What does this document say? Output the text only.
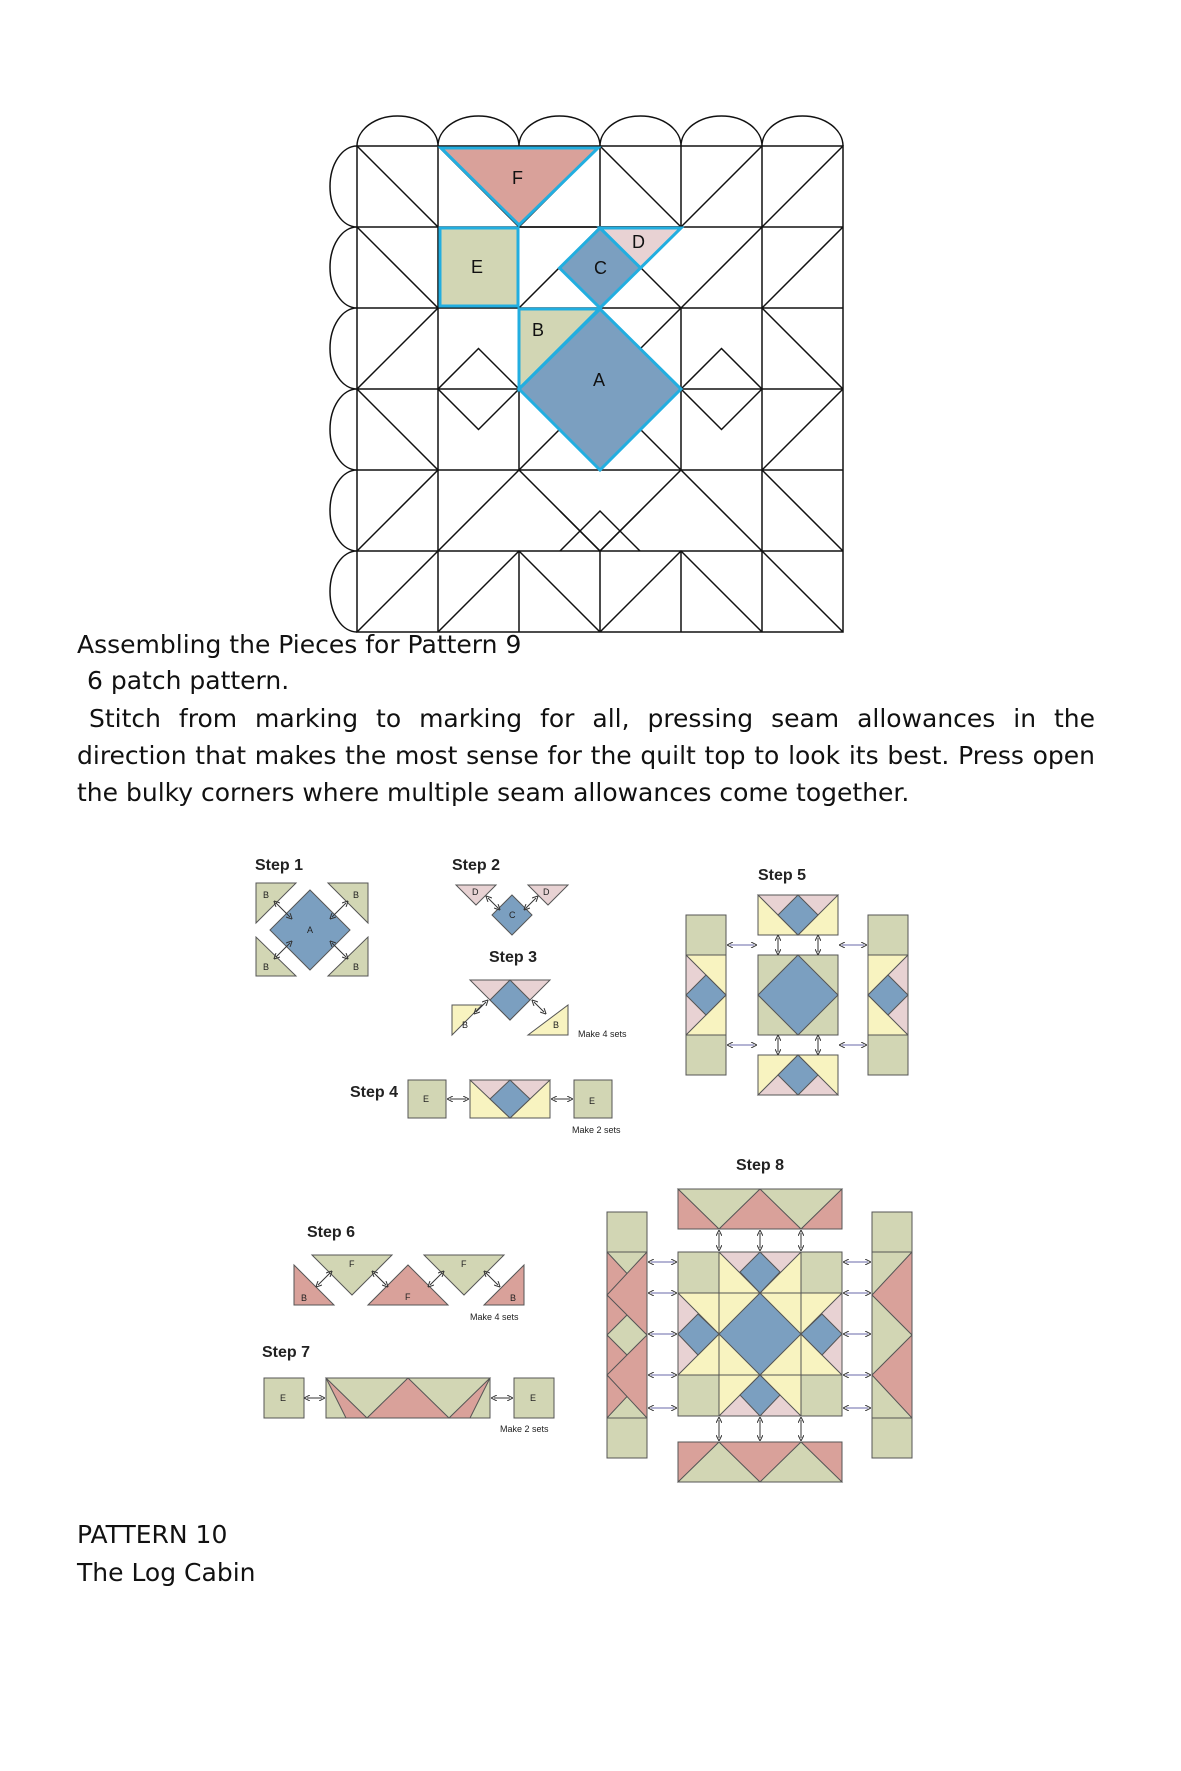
F
E
D
C
B
A
Assembling the Pieces for Pattern 9
6 patch pattern.
Stitch from marking to marking for all, pressing seam allowances in the direction that makes the most sense for the quilt top to look its best. Press open the bulky corners where multiple seam allowances come together.
Step 1
B	B
B	B
A
Step 2
D	D
C
Step 3
B	B
Make 4 sets
Step 4	E	E
Make 2 sets
Step 5
Step 6
F	F
F
B	B
Make 4 sets
Step 7
E	E
Make 2 sets
Step 8
PATTERN 10
The Log Cabin
